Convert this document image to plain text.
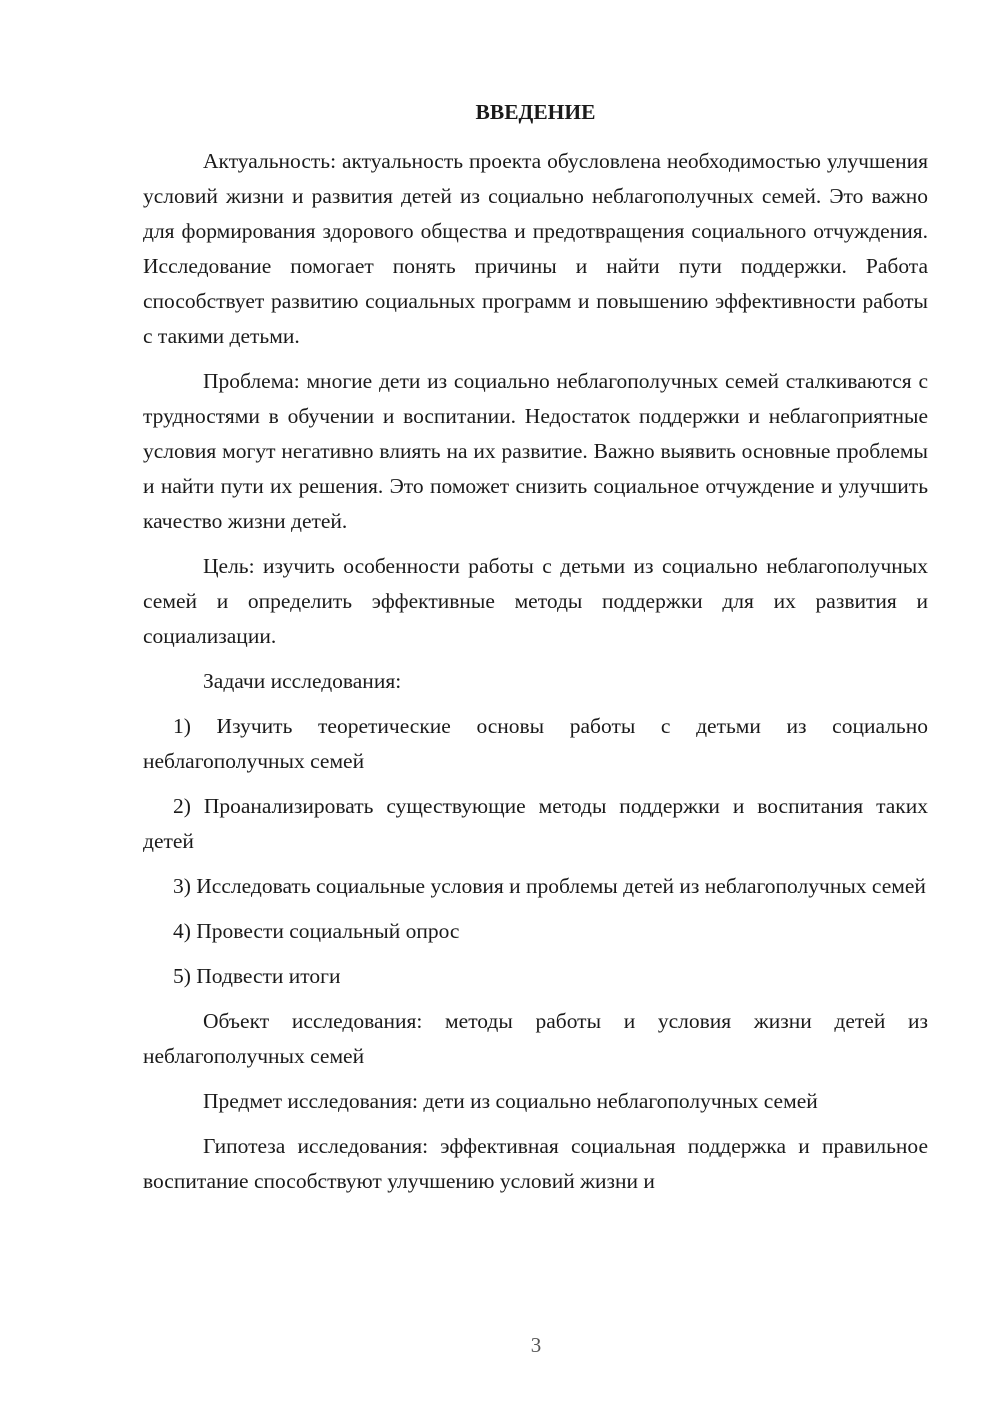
ВВЕДЕНИЕ

Актуальность: актуальность проекта обусловлена необходимостью улучшения условий жизни и развития детей из социально неблагополучных семей. Это важно для формирования здорового общества и предотвращения социального отчуждения. Исследование помогает понять причины и найти пути поддержки. Работа способствует развитию социальных программ и повышению эффективности работы с такими детьми.

Проблема: многие дети из социально неблагополучных семей сталкиваются с трудностями в обучении и воспитании. Недостаток поддержки и неблагоприятные условия могут негативно влиять на их развитие. Важно выявить основные проблемы и найти пути их решения. Это поможет снизить социальное отчуждение и улучшить качество жизни детей.

Цель: изучить особенности работы с детьми из социально неблагополучных семей и определить эффективные методы поддержки для их развития и социализации.

Задачи исследования:

1) Изучить теоретические основы работы с детьми из социально неблагополучных семей

2) Проанализировать существующие методы поддержки и воспитания таких детей

3) Исследовать социальные условия и проблемы детей из неблагополучных семей

4) Провести социальный опрос

5) Подвести итоги

Объект исследования: методы работы и условия жизни детей из неблагополучных семей

Предмет исследования: дети из социально неблагополучных семей

Гипотеза исследования: эффективная социальная поддержка и правильное воспитание способствуют улучшению условий жизни и

3
